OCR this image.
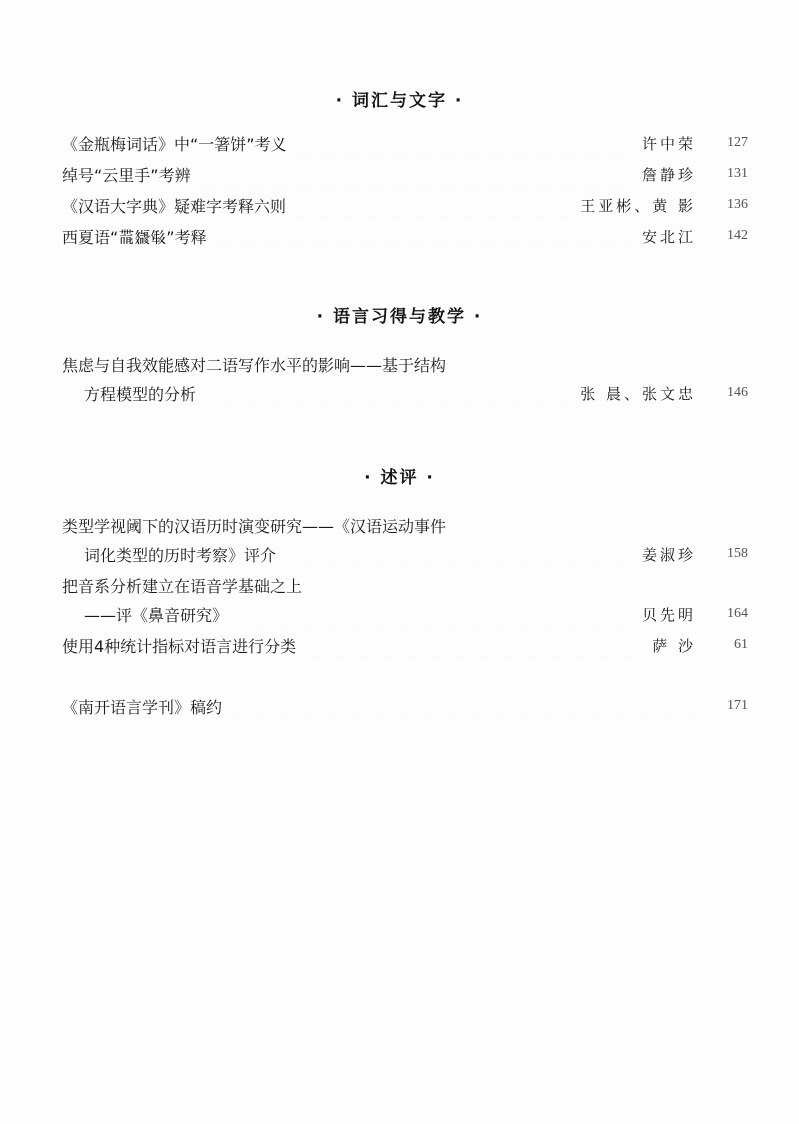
· 词汇与文字 ·
《金瓶梅词话》中“一箸饼”考义	许中荣	127
绰号“云里手”考辨	詹静珍	131
《汉语大字典》疑难字考释六则	王亚彬、黄 影	136
西夏语“𗶹𗿼𘓐”考释	安北江	142
· 语言习得与教学 ·
焦虑与自我效能感对二语写作水平的影响——基于结构
方程模型的分析	张 晨、张文忠	146
· 述评 ·
类型学视阈下的汉语历时演变研究——《汉语运动事件
词化类型的历时考察》评介	姜淑珍	158
把音系分析建立在语音学基础之上
——评《鼻音研究》	贝先明	164
使用4种统计指标对语言进行分类	萨 沙	61
《南开语言学刊》稿约	171
